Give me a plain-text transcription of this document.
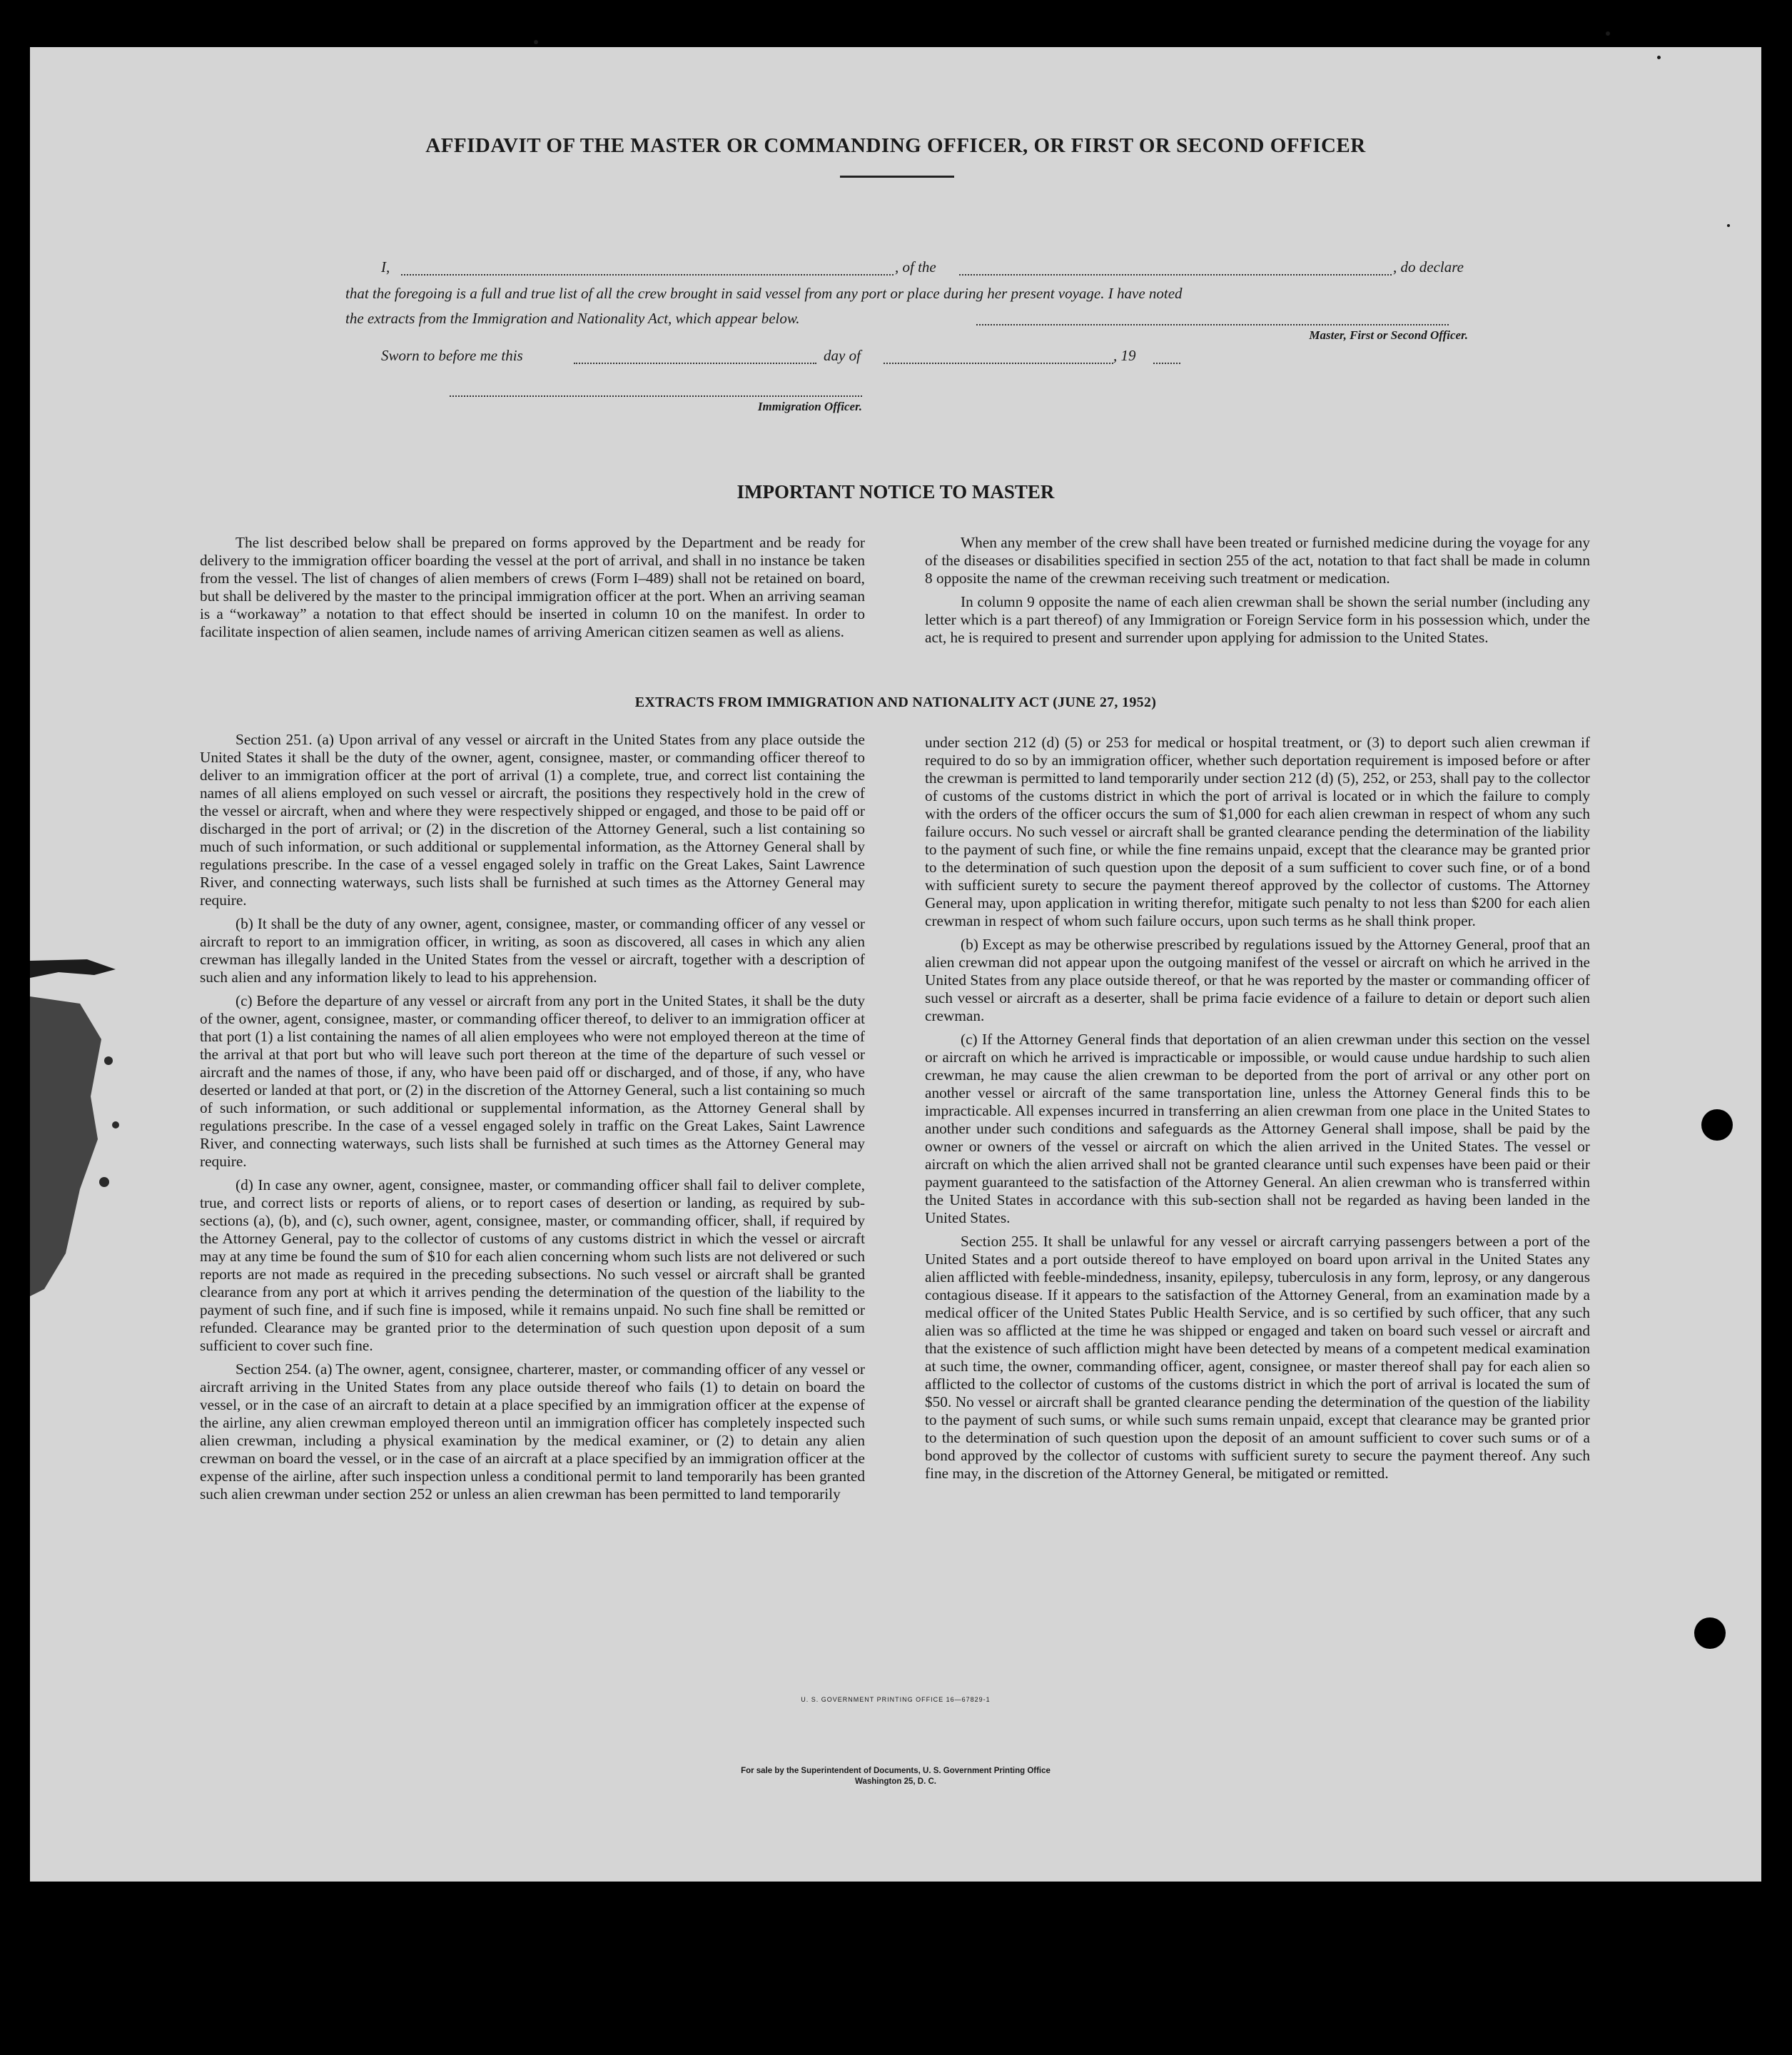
AFFIDAVIT OF THE MASTER OR COMMANDING OFFICER, OR FIRST OR SECOND OFFICER
I,	, of the	, do declare
that the foregoing is a full and true list of all the crew brought in said vessel from any port or place during her present voyage. I have noted
the extracts from the Immigration and Nationality Act, which appear below.
Master, First or Second Officer.
Sworn to before me this	day of	, 19
Immigration Officer.
IMPORTANT NOTICE TO MASTER

The list described below shall be prepared on forms approved by the Department and be ready for delivery to the immigration officer boarding the vessel at the port of arrival, and shall in no instance be taken from the vessel. The list of changes of alien members of crews (Form I–489) shall not be retained on board, but shall be delivered by the master to the principal immigration officer at the port. When an arriving seaman is a “workaway” a notation to that effect should be inserted in column 10 on the manifest. In order to facilitate inspection of alien seamen, include names of arriving American citizen seamen as well as aliens.

When any member of the crew shall have been treated or furnished medicine during the voyage for any of the diseases or disabilities specified in section 255 of the act, notation to that fact shall be made in column 8 opposite the name of the crewman receiving such treatment or medication.

In column 9 opposite the name of each alien crewman shall be shown the serial number (including any letter which is a part thereof) of any Immigration or Foreign Service form in his possession which, under the act, he is required to present and surrender upon applying for admission to the United States.

EXTRACTS FROM IMMIGRATION AND NATIONALITY ACT (JUNE 27, 1952)

Section 251. (a) Upon arrival of any vessel or aircraft in the United States from any place outside the United States it shall be the duty of the owner, agent, consignee, master, or commanding officer thereof to deliver to an immigration officer at the port of arrival (1) a complete, true, and correct list containing the names of all aliens employed on such vessel or aircraft, the positions they respectively hold in the crew of the vessel or aircraft, when and where they were respectively shipped or engaged, and those to be paid off or discharged in the port of arrival; or (2) in the discretion of the Attorney General, such a list containing so much of such information, or such additional or supplemental information, as the Attorney General shall by regulations prescribe. In the case of a vessel engaged solely in traffic on the Great Lakes, Saint Lawrence River, and connecting waterways, such lists shall be furnished at such times as the Attorney General may require.

(b) It shall be the duty of any owner, agent, consignee, master, or commanding officer of any vessel or aircraft to report to an immigration officer, in writing, as soon as discovered, all cases in which any alien crewman has illegally landed in the United States from the vessel or aircraft, together with a description of such alien and any information likely to lead to his apprehension.

(c) Before the departure of any vessel or aircraft from any port in the United States, it shall be the duty of the owner, agent, consignee, master, or commanding officer thereof, to deliver to an immigration officer at that port (1) a list containing the names of all alien employees who were not employed thereon at the time of the arrival at that port but who will leave such port thereon at the time of the departure of such vessel or aircraft and the names of those, if any, who have been paid off or discharged, and of those, if any, who have deserted or landed at that port, or (2) in the discretion of the Attorney General, such a list containing so much of such information, or such additional or supplemental information, as the Attorney General shall by regulations prescribe. In the case of a vessel engaged solely in traffic on the Great Lakes, Saint Lawrence River, and connecting waterways, such lists shall be furnished at such times as the Attorney General may require.

(d) In case any owner, agent, consignee, master, or commanding officer shall fail to deliver complete, true, and correct lists or reports of aliens, or to report cases of desertion or landing, as required by sub-sections (a), (b), and (c), such owner, agent, consignee, master, or commanding officer, shall, if required by the Attorney General, pay to the collector of customs of any customs district in which the vessel or aircraft may at any time be found the sum of $10 for each alien concerning whom such lists are not delivered or such reports are not made as required in the preceding subsections. No such vessel or aircraft shall be granted clearance from any port at which it arrives pending the determination of the question of the liability to the payment of such fine, and if such fine is imposed, while it remains unpaid. No such fine shall be remitted or refunded. Clearance may be granted prior to the determination of such question upon deposit of a sum sufficient to cover such fine.

Section 254. (a) The owner, agent, consignee, charterer, master, or commanding officer of any vessel or aircraft arriving in the United States from any place outside thereof who fails (1) to detain on board the vessel, or in the case of an aircraft to detain at a place specified by an immigration officer at the expense of the airline, any alien crewman employed thereon until an immigration officer has completely inspected such alien crewman, including a physical examination by the medical examiner, or (2) to detain any alien crewman on board the vessel, or in the case of an aircraft at a place specified by an immigration officer at the expense of the airline, after such inspection unless a conditional permit to land temporarily has been granted such alien crewman under section 252 or unless an alien crewman has been permitted to land temporarily

under section 212 (d) (5) or 253 for medical or hospital treatment, or (3) to deport such alien crewman if required to do so by an immigration officer, whether such deportation requirement is imposed before or after the crewman is permitted to land temporarily under section 212 (d) (5), 252, or 253, shall pay to the collector of customs of the customs district in which the port of arrival is located or in which the failure to comply with the orders of the officer occurs the sum of $1,000 for each alien crewman in respect of whom any such failure occurs. No such vessel or aircraft shall be granted clearance pending the determination of the liability to the payment of such fine, or while the fine remains unpaid, except that the clearance may be granted prior to the determination of such question upon the deposit of a sum sufficient to cover such fine, or of a bond with sufficient surety to secure the payment thereof approved by the collector of customs. The Attorney General may, upon application in writing therefor, mitigate such penalty to not less than $200 for each alien crewman in respect of whom such failure occurs, upon such terms as he shall think proper.

(b) Except as may be otherwise prescribed by regulations issued by the Attorney General, proof that an alien crewman did not appear upon the outgoing manifest of the vessel or aircraft on which he arrived in the United States from any place outside thereof, or that he was reported by the master or commanding officer of such vessel or aircraft as a deserter, shall be prima facie evidence of a failure to detain or deport such alien crewman.

(c) If the Attorney General finds that deportation of an alien crewman under this section on the vessel or aircraft on which he arrived is impracticable or impossible, or would cause undue hardship to such alien crewman, he may cause the alien crewman to be deported from the port of arrival or any other port on another vessel or aircraft of the same transportation line, unless the Attorney General finds this to be impracticable. All expenses incurred in transferring an alien crewman from one place in the United States to another under such conditions and safeguards as the Attorney General shall impose, shall be paid by the owner or owners of the vessel or aircraft on which the alien arrived in the United States. The vessel or aircraft on which the alien arrived shall not be granted clearance until such expenses have been paid or their payment guaranteed to the satisfaction of the Attorney General. An alien crewman who is transferred within the United States in accordance with this sub-section shall not be regarded as having been landed in the United States.

Section 255. It shall be unlawful for any vessel or aircraft carrying passengers between a port of the United States and a port outside thereof to have employed on board upon arrival in the United States any alien afflicted with feeble-mindedness, insanity, epilepsy, tuberculosis in any form, leprosy, or any dangerous contagious disease. If it appears to the satisfaction of the Attorney General, from an examination made by a medical officer of the United States Public Health Service, and is so certified by such officer, that any such alien was so afflicted at the time he was shipped or engaged and taken on board such vessel or aircraft and that the existence of such affliction might have been detected by means of a competent medical examination at such time, the owner, commanding officer, agent, consignee, or master thereof shall pay for each alien so afflicted to the collector of customs of the customs district in which the port of arrival is located the sum of $50. No vessel or aircraft shall be granted clearance pending the determination of the question of the liability to the payment of such sums, or while such sums remain unpaid, except that clearance may be granted prior to the determination of such question upon the deposit of an amount sufficient to cover such sums or of a bond approved by the collector of customs with sufficient surety to secure the payment thereof. Any such fine may, in the discretion of the Attorney General, be mitigated or remitted.

U. S. GOVERNMENT PRINTING OFFICE 16—67829-1
For sale by the Superintendent of Documents, U. S. Government Printing Office
Washington 25, D. C.
